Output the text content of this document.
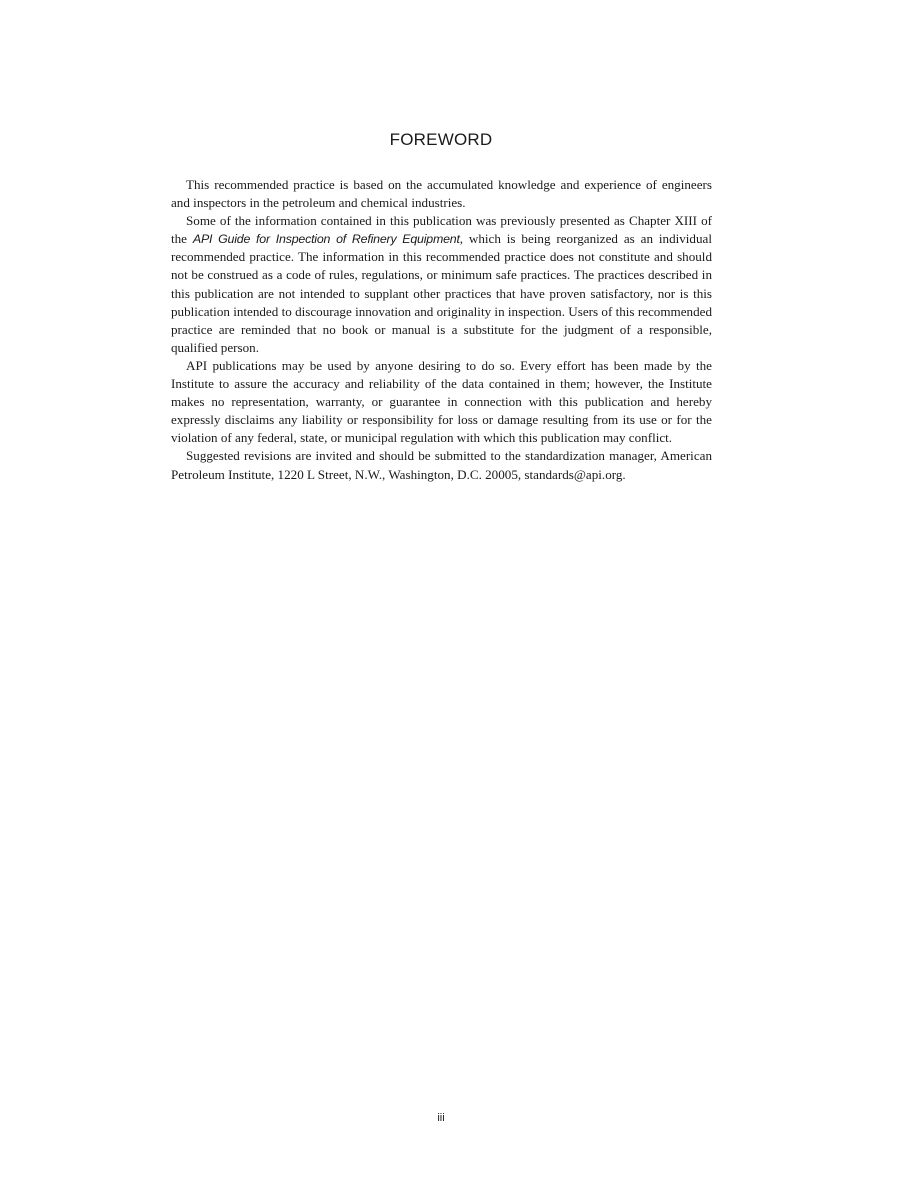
FOREWORD

This recommended practice is based on the accumulated knowledge and experience of engineers and inspectors in the petroleum and chemical industries.

Some of the information contained in this publication was previously presented as Chapter XIII of the API Guide for Inspection of Refinery Equipment, which is being reorganized as an individual recommended practice. The information in this recommended practice does not constitute and should not be construed as a code of rules, regulations, or minimum safe practices. The practices described in this publication are not intended to supplant other practices that have proven satisfactory, nor is this publication intended to discourage innovation and originality in inspection. Users of this recommended practice are reminded that no book or manual is a substitute for the judgment of a responsible, qualified person.

API publications may be used by anyone desiring to do so. Every effort has been made by the Institute to assure the accuracy and reliability of the data contained in them; however, the Institute makes no representation, warranty, or guarantee in connection with this publication and hereby expressly disclaims any liability or responsibility for loss or damage resulting from its use or for the violation of any federal, state, or municipal regulation with which this publication may conflict.

Suggested revisions are invited and should be submitted to the standardization manager, American Petroleum Institute, 1220 L Street, N.W., Washington, D.C. 20005, standards@api.org.

iii
